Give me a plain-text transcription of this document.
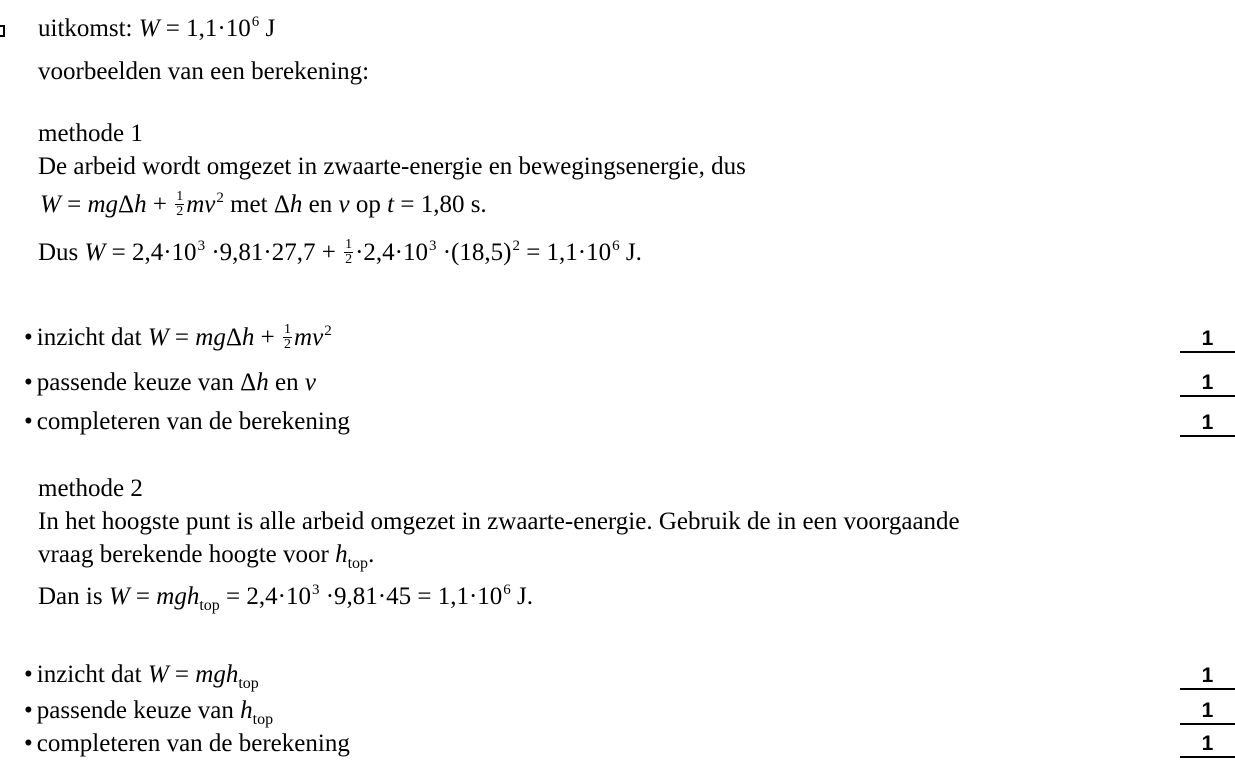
uitkomst: $W = 1,1\cdot 10^6$ J
voorbeelden van een berekening:
methode 1
De arbeid wordt omgezet in zwaarte-energie en bewegingsenergie, dus
$W = mg\Delta h + \frac{1}{2} mv^2$ met Δh en v op t = 1,80 s.
Dus $W = 2,4\cdot 10^3 \cdot 9,81\cdot 27,7 + \frac{1}{2} \cdot 2,4\cdot 10^3 \cdot(18,5)^2 = 1,1\cdot 10^6$ J.
• inzicht dat $W = mg\Delta h + \frac{1}{2} mv^2$	1
• passende keuze van Δh en v	1
• completeren van de berekening	1
methode 2
In het hoogste punt is alle arbeid omgezet in zwaarte-energie. Gebruik de in een voorgaande
vraag berekende hoogte voor $h_{top}$.
Dan is $W = mgh_{top} = 2,4\cdot 10^3 \cdot 9,81\cdot 45 = 1,1\cdot 10^6$ J.
• inzicht dat W = mgh$_{top}$	1
• passende keuze van $h_{top}$	1
• completeren van de berekening	1
